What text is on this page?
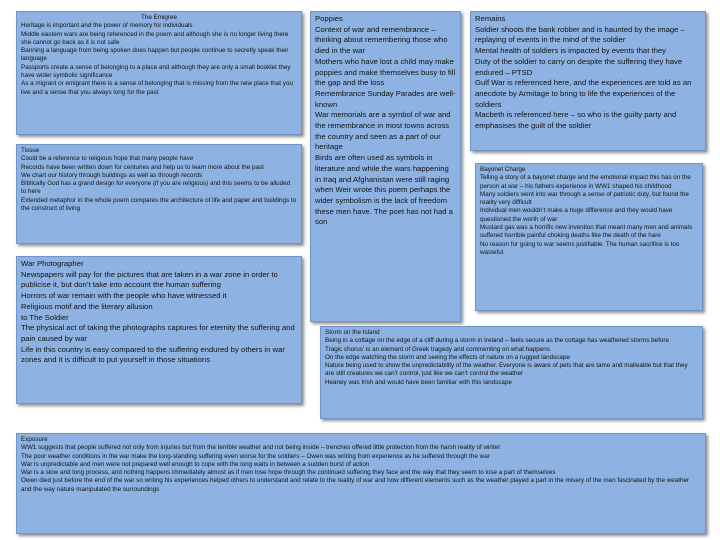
The Emigree
Heritage is important and the power of memory for individuals
Middle eastern wars are being referenced in the poem and although she is no longer living there she cannot go back as it is not safe
Banning a language from being spoken does happen but people continue to secretly speak their language
Passports create a sense of belonging to a place and although they are only a small booklet they have wider symbolic significance
As a migrant or emigrant there is a sense of belonging that is missing from the new place that you live and a sense that you always long for the past
Tissue
Could be a reference to religious hope that many people have
Records have been written down for centuries and help us to learn more about the past
We chart our history through buildings as well as through records
Biblically God has a grand design for everyone (if you are religious) and this seems to be alluded to here
Extended metaphor in the whole poem compares the architecture of life and paper and buildings to the construct of living
War Photographer
Newspapers will pay for the pictures that are taken in a war zone in order to publicise it, but don’t take into account the human suffering
Horrors of war remain with the people who have witnessed it
Religious motif and the literary allusion
to The Soldier
The physical act of taking the photographs captures for eternity the suffering and pain caused by war
Life in this country is easy compared to the suffering endured by others in war zones and it is difficult to put yourself in those situations
Poppies
Context of war and remembrance – thinking about remembering those who died in the war
Mothers who have lost a child may make poppies and make themselves busy to fill the gap and the loss
Remembrance Sunday Parades are well-known
War memorials are a symbol of war and the remembrance in most towns across the country and seen as a part of our heritage
Birds are often used as symbols in literature and while the wars happening in Iraq and Afghanistan were still raging when Weir wrote this poem perhaps the wider symbolism is the lack of freedom these men have. The poet has not had a son
Remains
Soldier shoots the bank robber and is haunted by the image – replaying of events in the mind of the soldier
Mental health of soldiers is impacted by events that they
Duty of the soldier to carry on despite the suffering they have endured – PTSD
Gulf War is referenced here, and the experiences are told as an anecdote by Armitage to bring to life the experiences of the soldiers
Macbeth is referenced here – so who is the guilty party and emphasises the guilt of the soldier
Bayonet Charge
Telling a story of a bayonet charge and the emotional impact this has on the person at war – his fathers experience in WW1 shaped his childhood
Many soldiers went into war through a sense of patriotic duty, but found the reality very difficult
Individual men wouldn’t make a huge difference and they would have questioned the worth of war
Mustard gas was a horrific new invention that meant many men and animals suffered horrible painful choking deaths like the death of the hare
No reason for going to war seems justifiable. The human sacrifice is too wasteful.
Storm on the Island
Being in a cottage on the edge of a cliff during a storm in Ireland – feels secure as the cottage has weathered storms before
Tragic chorus’ is an element of Greek tragedy and commenting on what happens
On the edge watching the storm and seeing the effects of nature on a rugged landscape
Nature being used to show the unpredictability of the weather. Everyone is aware of pets that are tame and malleable but that they are still creatures we can’t control, just like we can’t control the weather
Heaney was Irish and would have been familiar with this landscape
Exposure
WW1 suggests that people suffered not only from injuries but from the terrible weather and not being inside – trenches offered little protection from the harsh reality of winter
The poor weather conditions in the war make the long-standing suffering even worse for the soldiers – Owen was writing from experience as he suffered through the war
War is unpredictable and men were not prepared well enough to cope with the long waits in between a sudden burst of action
War is a slow and long process, and nothing happens immediately almost as if men lose hope through the continued suffering they face and the way that they seem to lose a part of themselves
Owen died just before the end of the war so writing his experiences helped others to understand and relate to the reality of war and how different elements such as the weather played a part in the misery of the men fascinated by the weather and the way nature manipulated the surroundings
